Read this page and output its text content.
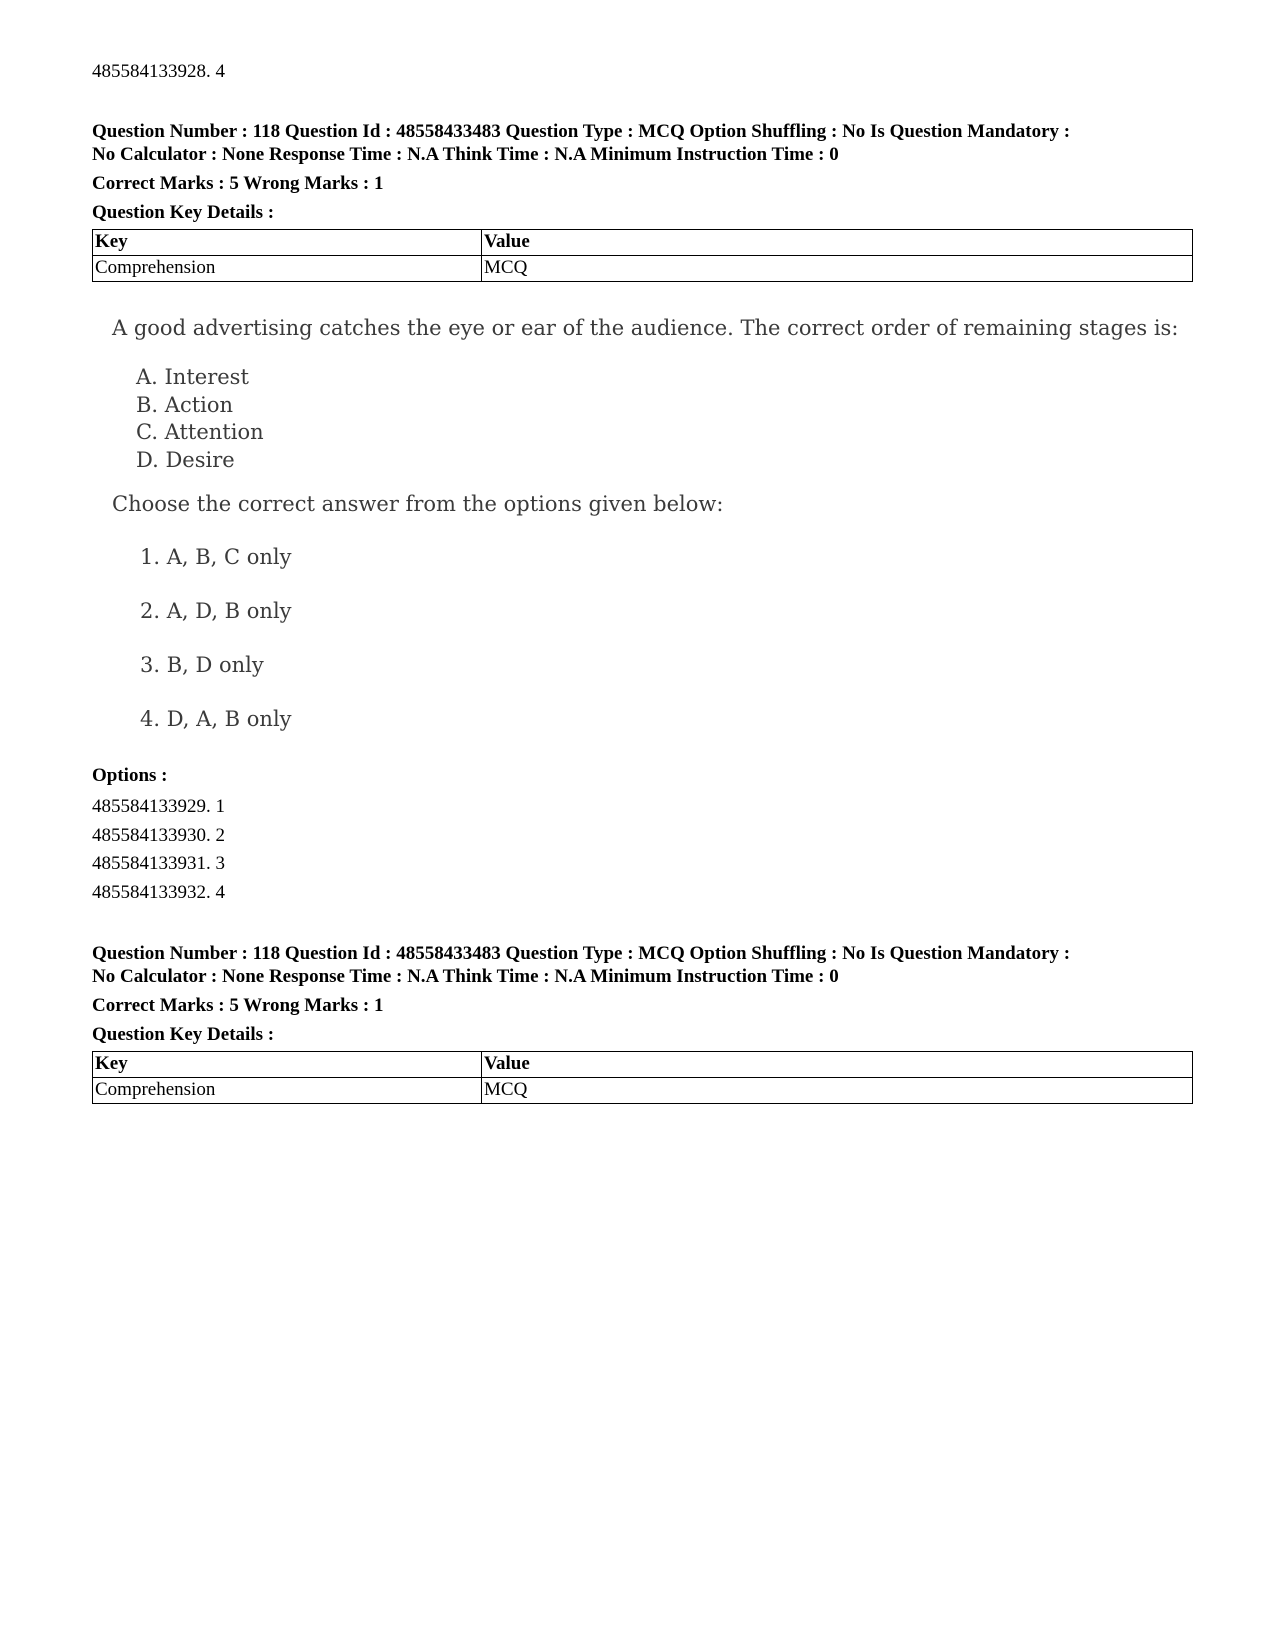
485584133928. 4
Question Number : 118 Question Id : 48558433483 Question Type : MCQ Option Shuffling : No Is Question Mandatory :
No Calculator : None Response Time : N.A Think Time : N.A Minimum Instruction Time : 0
Correct Marks : 5 Wrong Marks : 1
Question Key Details :
Key	Value
Comprehension	MCQ
A good advertising catches the eye or ear of the audience. The correct order of remaining stages is:
A. Interest
B. Action
C. Attention
D. Desire
Choose the correct answer from the options given below:
1. A, B, C only
2. A, D, B only
3. B, D only
4. D, A, B only
Options :
485584133929. 1
485584133930. 2
485584133931. 3
485584133932. 4
Question Number : 118 Question Id : 48558433483 Question Type : MCQ Option Shuffling : No Is Question Mandatory :
No Calculator : None Response Time : N.A Think Time : N.A Minimum Instruction Time : 0
Correct Marks : 5 Wrong Marks : 1
Question Key Details :
Key	Value
Comprehension	MCQ
